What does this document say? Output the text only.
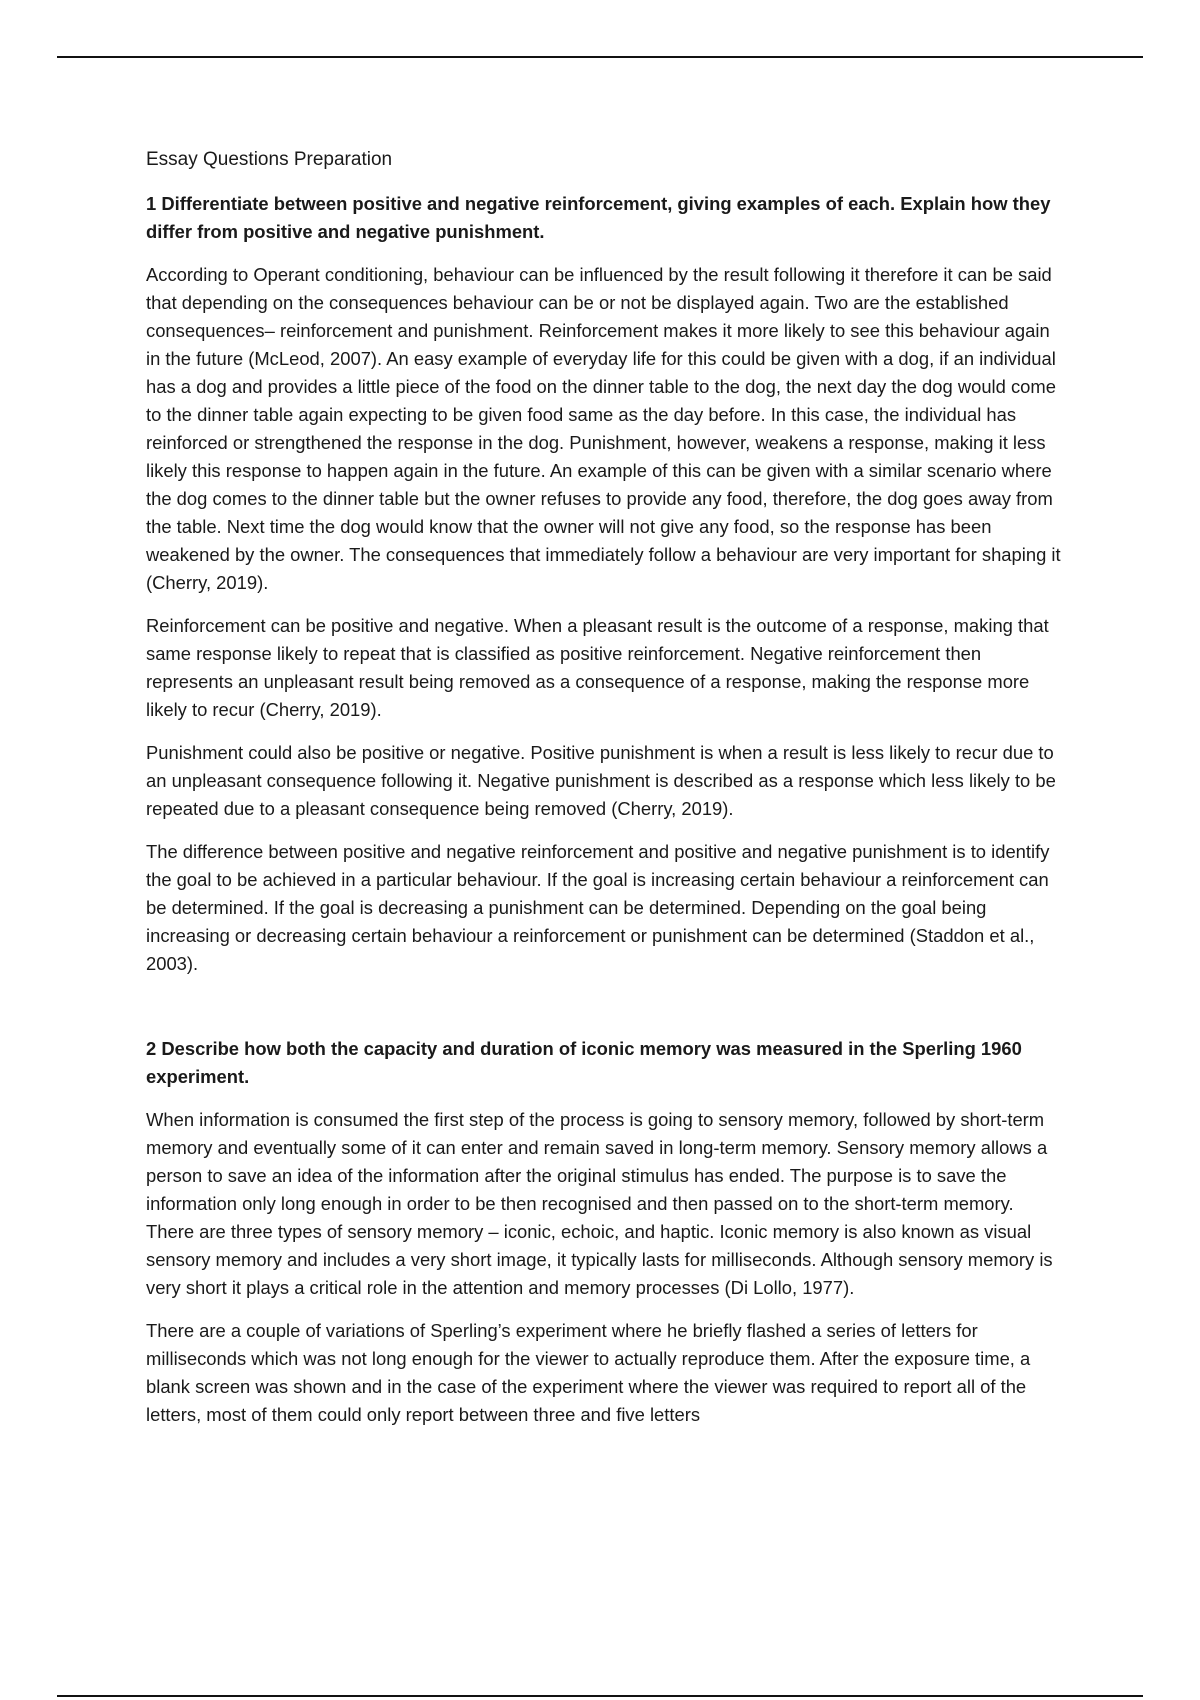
Essay Questions Preparation
1 Differentiate between positive and negative reinforcement, giving examples of each. Explain how they differ from positive and negative punishment.

According to Operant conditioning, behaviour can be influenced by the result following it therefore it can be said that depending on the consequences behaviour can be or not be displayed again. Two are the established consequences– reinforcement and punishment. Reinforcement makes it more likely to see this behaviour again in the future (McLeod, 2007). An easy example of everyday life for this could be given with a dog, if an individual has a dog and provides a little piece of the food on the dinner table to the dog, the next day the dog would come to the dinner table again expecting to be given food same as the day before. In this case, the individual has reinforced or strengthened the response in the dog. Punishment, however, weakens a response, making it less likely this response to happen again in the future. An example of this can be given with a similar scenario where the dog comes to the dinner table but the owner refuses to provide any food, therefore, the dog goes away from the table. Next time the dog would know that the owner will not give any food, so the response has been weakened by the owner. The consequences that immediately follow a behaviour are very important for shaping it (Cherry, 2019).

Reinforcement can be positive and negative. When a pleasant result is the outcome of a response, making that same response likely to repeat that is classified as positive reinforcement. Negative reinforcement then represents an unpleasant result being removed as a consequence of a response, making the response more likely to recur (Cherry, 2019).

Punishment could also be positive or negative. Positive punishment is when a result is less likely to recur due to an unpleasant consequence following it. Negative punishment is described as a response which less likely to be repeated due to a pleasant consequence being removed (Cherry, 2019).

The difference between positive and negative reinforcement and positive and negative punishment is to identify the goal to be achieved in a particular behaviour. If the goal is increasing certain behaviour a reinforcement can be determined. If the goal is decreasing a punishment can be determined. Depending on the goal being increasing or decreasing certain behaviour a reinforcement or punishment can be determined (Staddon et al., 2003).

2 Describe how both the capacity and duration of iconic memory was measured in the Sperling 1960 experiment.

When information is consumed the first step of the process is going to sensory memory, followed by short-term memory and eventually some of it can enter and remain saved in long-term memory. Sensory memory allows a person to save an idea of the information after the original stimulus has ended. The purpose is to save the information only long enough in order to be then recognised and then passed on to the short-term memory. There are three types of sensory memory – iconic, echoic, and haptic. Iconic memory is also known as visual sensory memory and includes a very short image, it typically lasts for milliseconds. Although sensory memory is very short it plays a critical role in the attention and memory processes (Di Lollo, 1977).

There are a couple of variations of Sperling’s experiment where he briefly flashed a series of letters for milliseconds which was not long enough for the viewer to actually reproduce them. After the exposure time, a blank screen was shown and in the case of the experiment where the viewer was required to report all of the letters, most of them could only report between three and five letters
